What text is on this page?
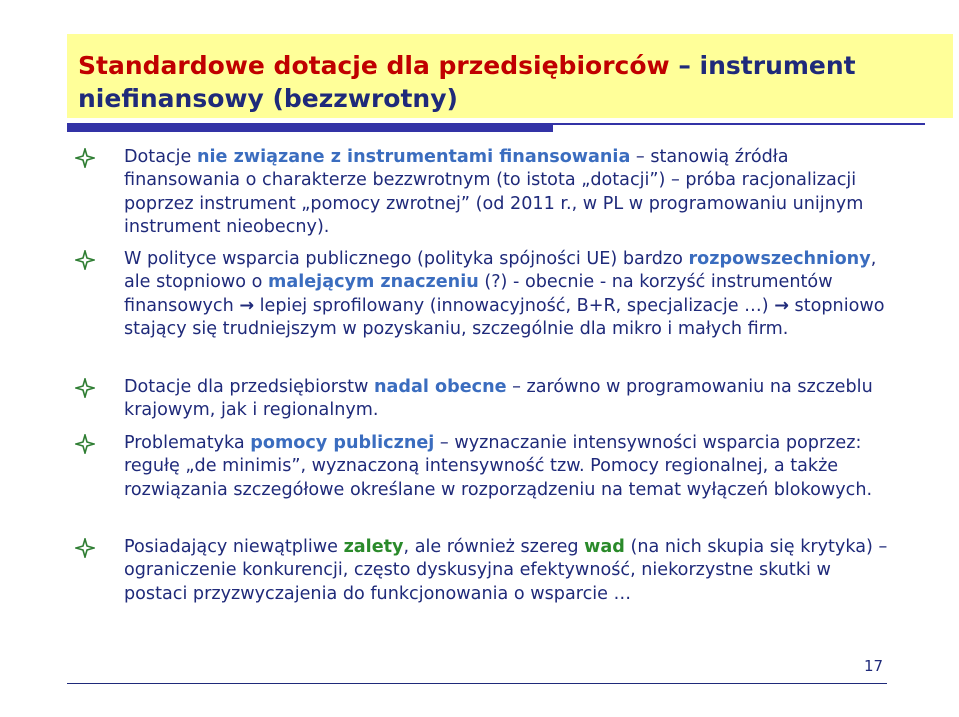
Standardowe dotacje dla przedsiębiorców – instrument niefinansowy (bezzwrotny)
Dotacje nie związane z instrumentami finansowania – stanowią źródła finansowania o charakterze bezzwrotnym (to istota „dotacji”) – próba racjonalizacji poprzez instrument „pomocy zwrotnej” (od 2011 r., w PL w programowaniu unijnym instrument nieobecny).
W polityce wsparcia publicznego (polityka spójności UE) bardzo rozpowszechniony, ale stopniowo o malejącym znaczeniu (?) - obecnie - na korzyść instrumentów finansowych → lepiej sprofilowany (innowacyjność, B+R, specjalizacje …) → stopniowo stający się trudniejszym w pozyskaniu, szczególnie dla mikro i małych firm.
Dotacje dla przedsiębiorstw nadal obecne – zarówno w programowaniu na szczeblu krajowym, jak i regionalnym.
Problematyka pomocy publicznej – wyznaczanie intensywności wsparcia poprzez: regułę „de minimis”, wyznaczoną intensywność tzw. Pomocy regionalnej, a także rozwiązania szczegółowe określane w rozporządzeniu na temat wyłączeń blokowych.
Posiadający niewątpliwe zalety, ale również szereg wad (na nich skupia się krytyka) – ograniczenie konkurencji, często dyskusyjna efektywność, niekorzystne skutki w postaci przyzwyczajenia do funkcjonowania o wsparcie …
17
